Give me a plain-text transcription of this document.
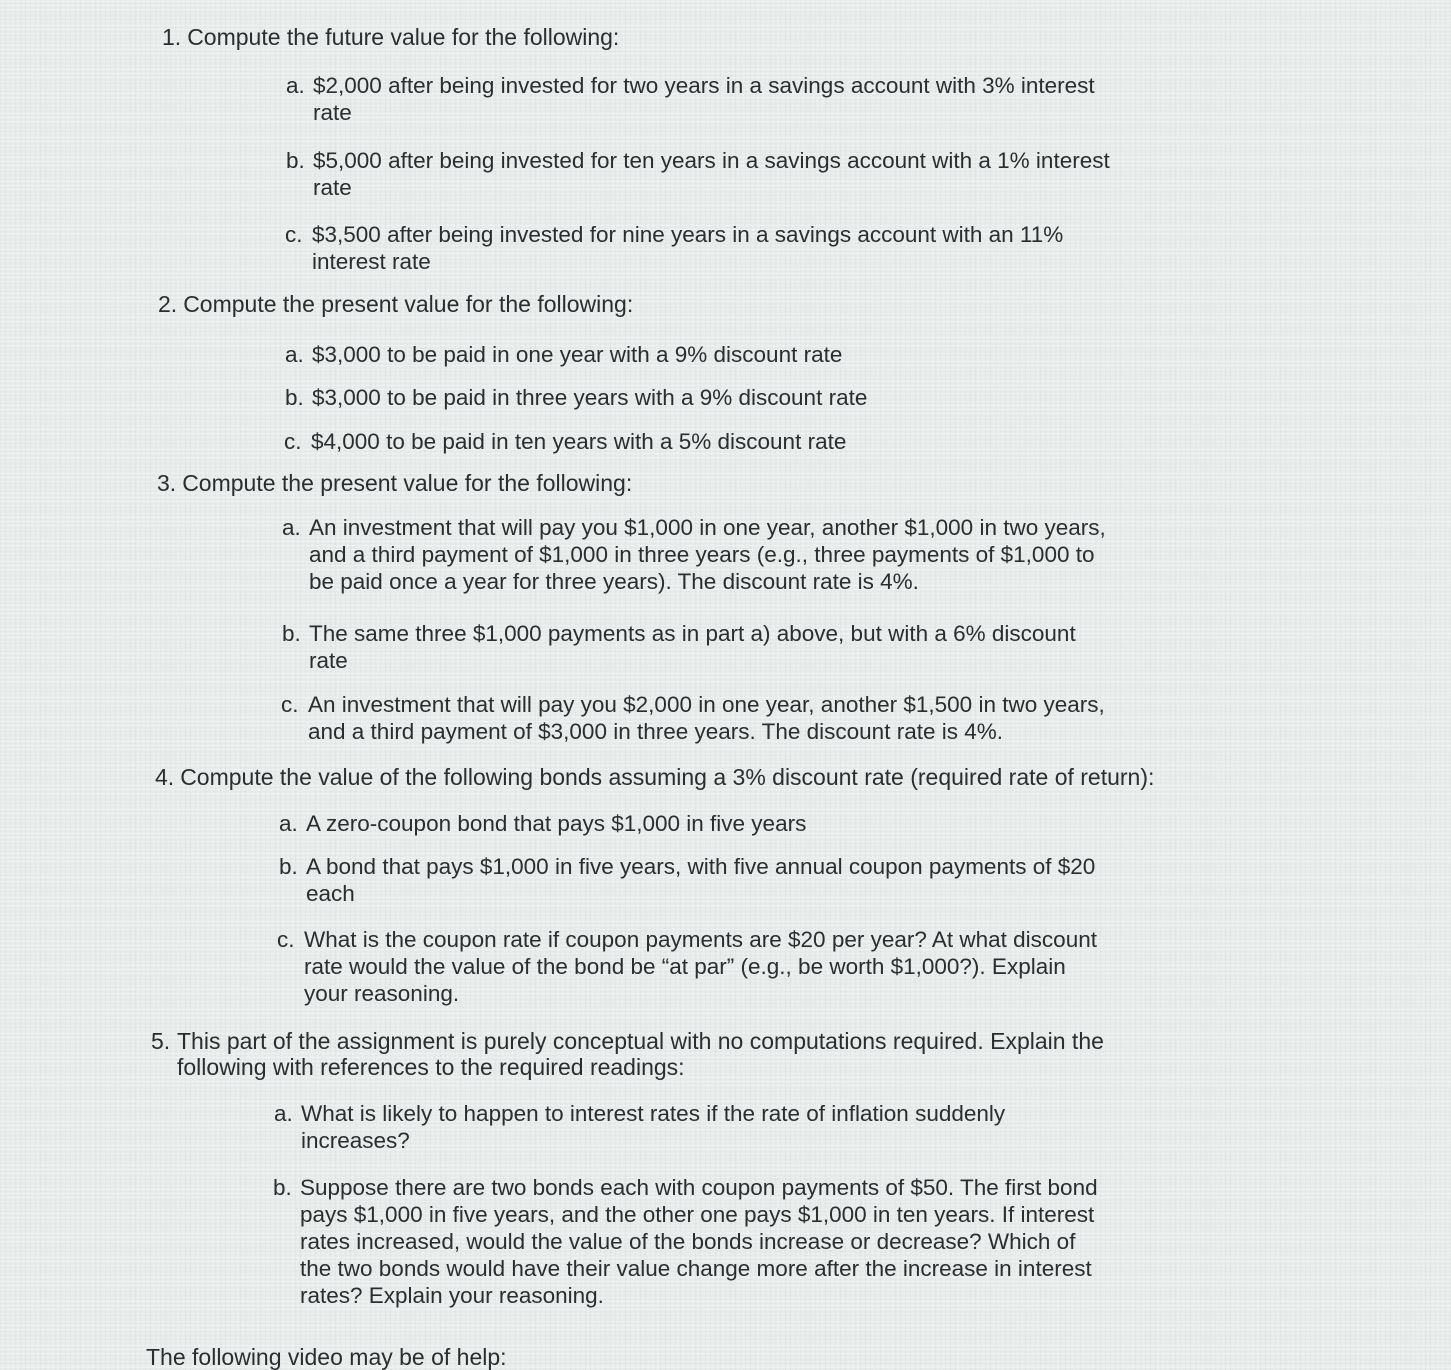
1. Compute the future value for the following:
a. $2,000 after being invested for two years in a savings account with 3% interest rate
b. $5,000 after being invested for ten years in a savings account with a 1% interest rate
c. $3,500 after being invested for nine years in a savings account with an 11% interest rate
2. Compute the present value for the following:
a. $3,000 to be paid in one year with a 9% discount rate
b. $3,000 to be paid in three years with a 9% discount rate
c. $4,000 to be paid in ten years with a 5% discount rate
3. Compute the present value for the following:
a. An investment that will pay you $1,000 in one year, another $1,000 in two years, and a third payment of $1,000 in three years (e.g., three payments of $1,000 to be paid once a year for three years). The discount rate is 4%.
b. The same three $1,000 payments as in part a) above, but with a 6% discount rate
c. An investment that will pay you $2,000 in one year, another $1,500 in two years, and a third payment of $3,000 in three years. The discount rate is 4%.
4. Compute the value of the following bonds assuming a 3% discount rate (required rate of return):
a. A zero-coupon bond that pays $1,000 in five years
b. A bond that pays $1,000 in five years, with five annual coupon payments of $20 each
c. What is the coupon rate if coupon payments are $20 per year? At what discount rate would the value of the bond be “at par” (e.g., be worth $1,000?). Explain your reasoning.
5. This part of the assignment is purely conceptual with no computations required. Explain the following with references to the required readings:
a. What is likely to happen to interest rates if the rate of inflation suddenly increases?
b. Suppose there are two bonds each with coupon payments of $50. The first bond pays $1,000 in five years, and the other one pays $1,000 in ten years. If interest rates increased, would the value of the bonds increase or decrease? Which of the two bonds would have their value change more after the increase in interest rates? Explain your reasoning.
The following video may be of help:
